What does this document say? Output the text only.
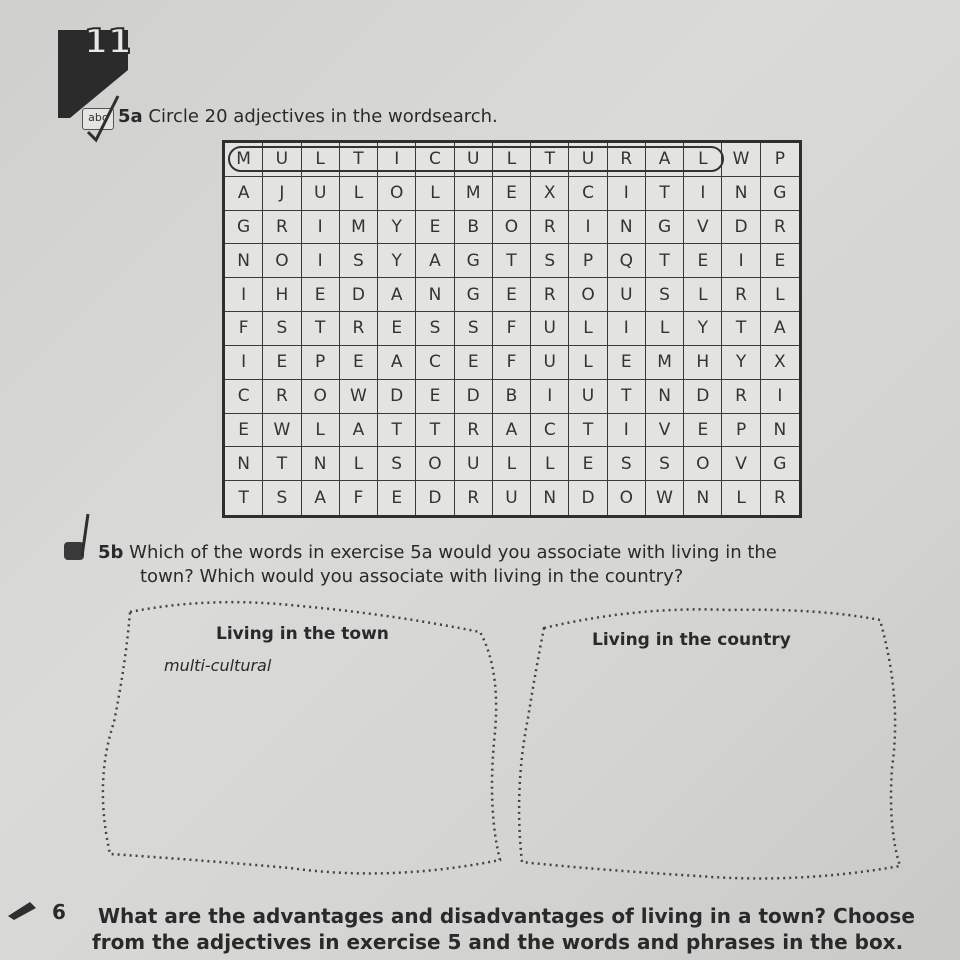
11
abc 5a Circle 20 adjectives in the wordsearch.
M	U	L	T	I	C	U	L	T	U	R	A	L	W	P
A	J	U	L	O	L	M	E	X	C	I	T	I	N	G
G	R	I	M	Y	E	B	O	R	I	N	G	V	D	R
N	O	I	S	Y	A	G	T	S	P	Q	T	E	I	E
I	H	E	D	A	N	G	E	R	O	U	S	L	R	L
F	S	T	R	E	S	S	F	U	L	I	L	Y	T	A
I	E	P	E	A	C	E	F	U	L	E	M	H	Y	X
C	R	O	W	D	E	D	B	I	U	T	N	D	R	I
E	W	L	A	T	T	R	A	C	T	I	V	E	P	N
N	T	N	L	S	O	U	L	L	E	S	S	O	V	G
T	S	A	F	E	D	R	U	N	D	O	W	N	L	R
5b Which of the words in exercise 5a would you associate with living in the
town? Which would you associate with living in the country?
Living in the town
multi-cultural
Living in the country
6 What are the advantages and disadvantages of living in a town? Choose
from the adjectives in exercise 5 and the words and phrases in the box.
